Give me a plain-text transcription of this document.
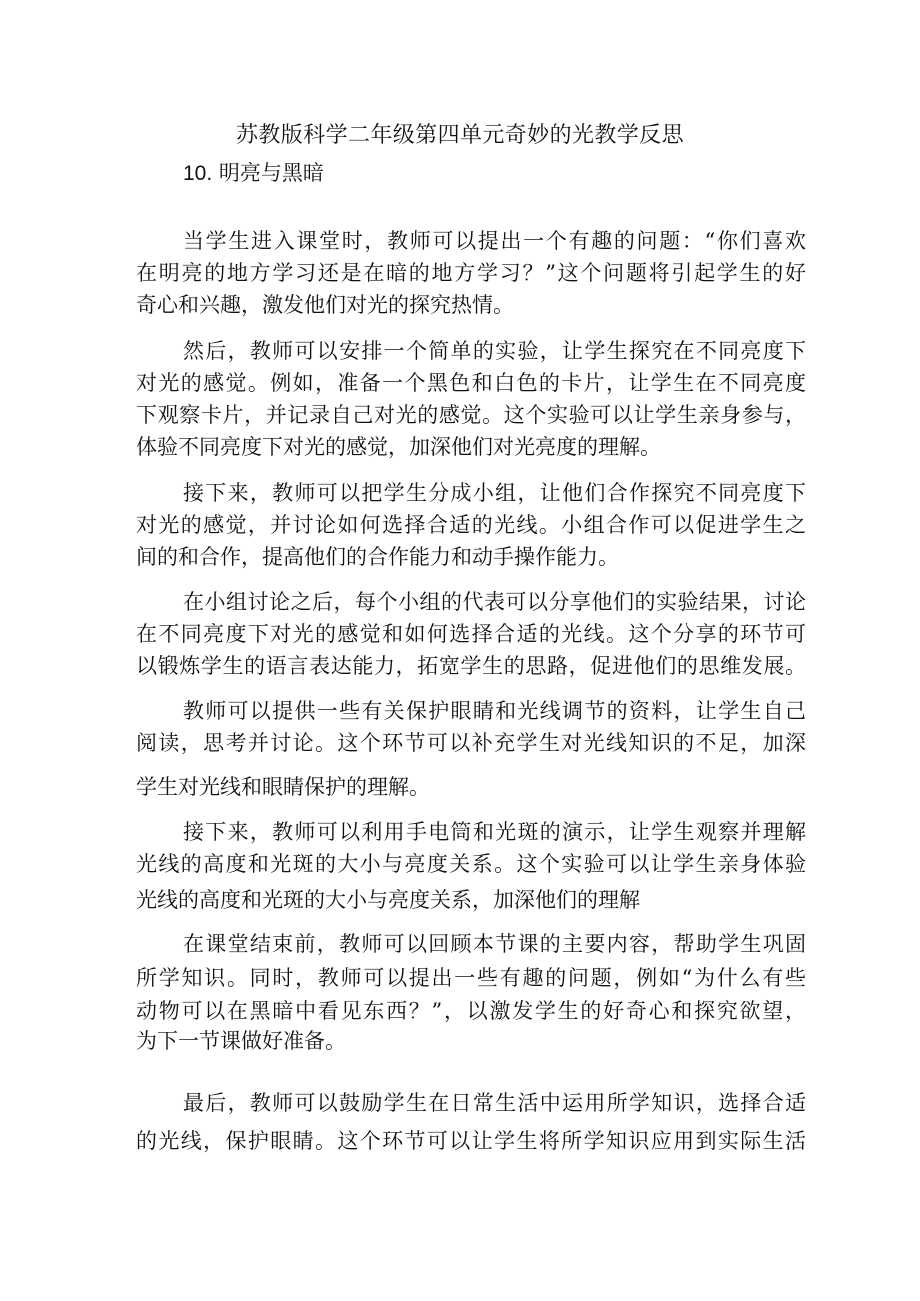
苏教版科学二年级第四单元奇妙的光教学反思
10. 明亮与黑暗
当学生进入课堂时，教师可以提出一个有趣的问题：“你们喜欢
在明亮的地方学习还是在暗的地方学习？”这个问题将引起学生的好
奇心和兴趣，激发他们对光的探究热情。
然后，教师可以安排一个简单的实验，让学生探究在不同亮度下
对光的感觉。例如，准备一个黑色和白色的卡片，让学生在不同亮度
下观察卡片，并记录自己对光的感觉。这个实验可以让学生亲身参与，
体验不同亮度下对光的感觉，加深他们对光亮度的理解。
接下来，教师可以把学生分成小组，让他们合作探究不同亮度下
对光的感觉，并讨论如何选择合适的光线。小组合作可以促进学生之
间的和合作，提高他们的合作能力和动手操作能力。
在小组讨论之后，每个小组的代表可以分享他们的实验结果，讨论
在不同亮度下对光的感觉和如何选择合适的光线。这个分享的环节可
以锻炼学生的语言表达能力，拓宽学生的思路，促进他们的思维发展。
教师可以提供一些有关保护眼睛和光线调节的资料，让学生自己
阅读，思考并讨论。这个环节可以补充学生对光线知识的不足，加深
学生对光线和眼睛保护的理解。
接下来，教师可以利用手电筒和光斑的演示，让学生观察并理解
光线的高度和光斑的大小与亮度关系。这个实验可以让学生亲身体验
光线的高度和光斑的大小与亮度关系，加深他们的理解
在课堂结束前，教师可以回顾本节课的主要内容，帮助学生巩固
所学知识。同时，教师可以提出一些有趣的问题，例如“为什么有些
动物可以在黑暗中看见东西？”，以激发学生的好奇心和探究欲望，
为下一节课做好准备。
最后，教师可以鼓励学生在日常生活中运用所学知识，选择合适
的光线，保护眼睛。这个环节可以让学生将所学知识应用到实际生活
